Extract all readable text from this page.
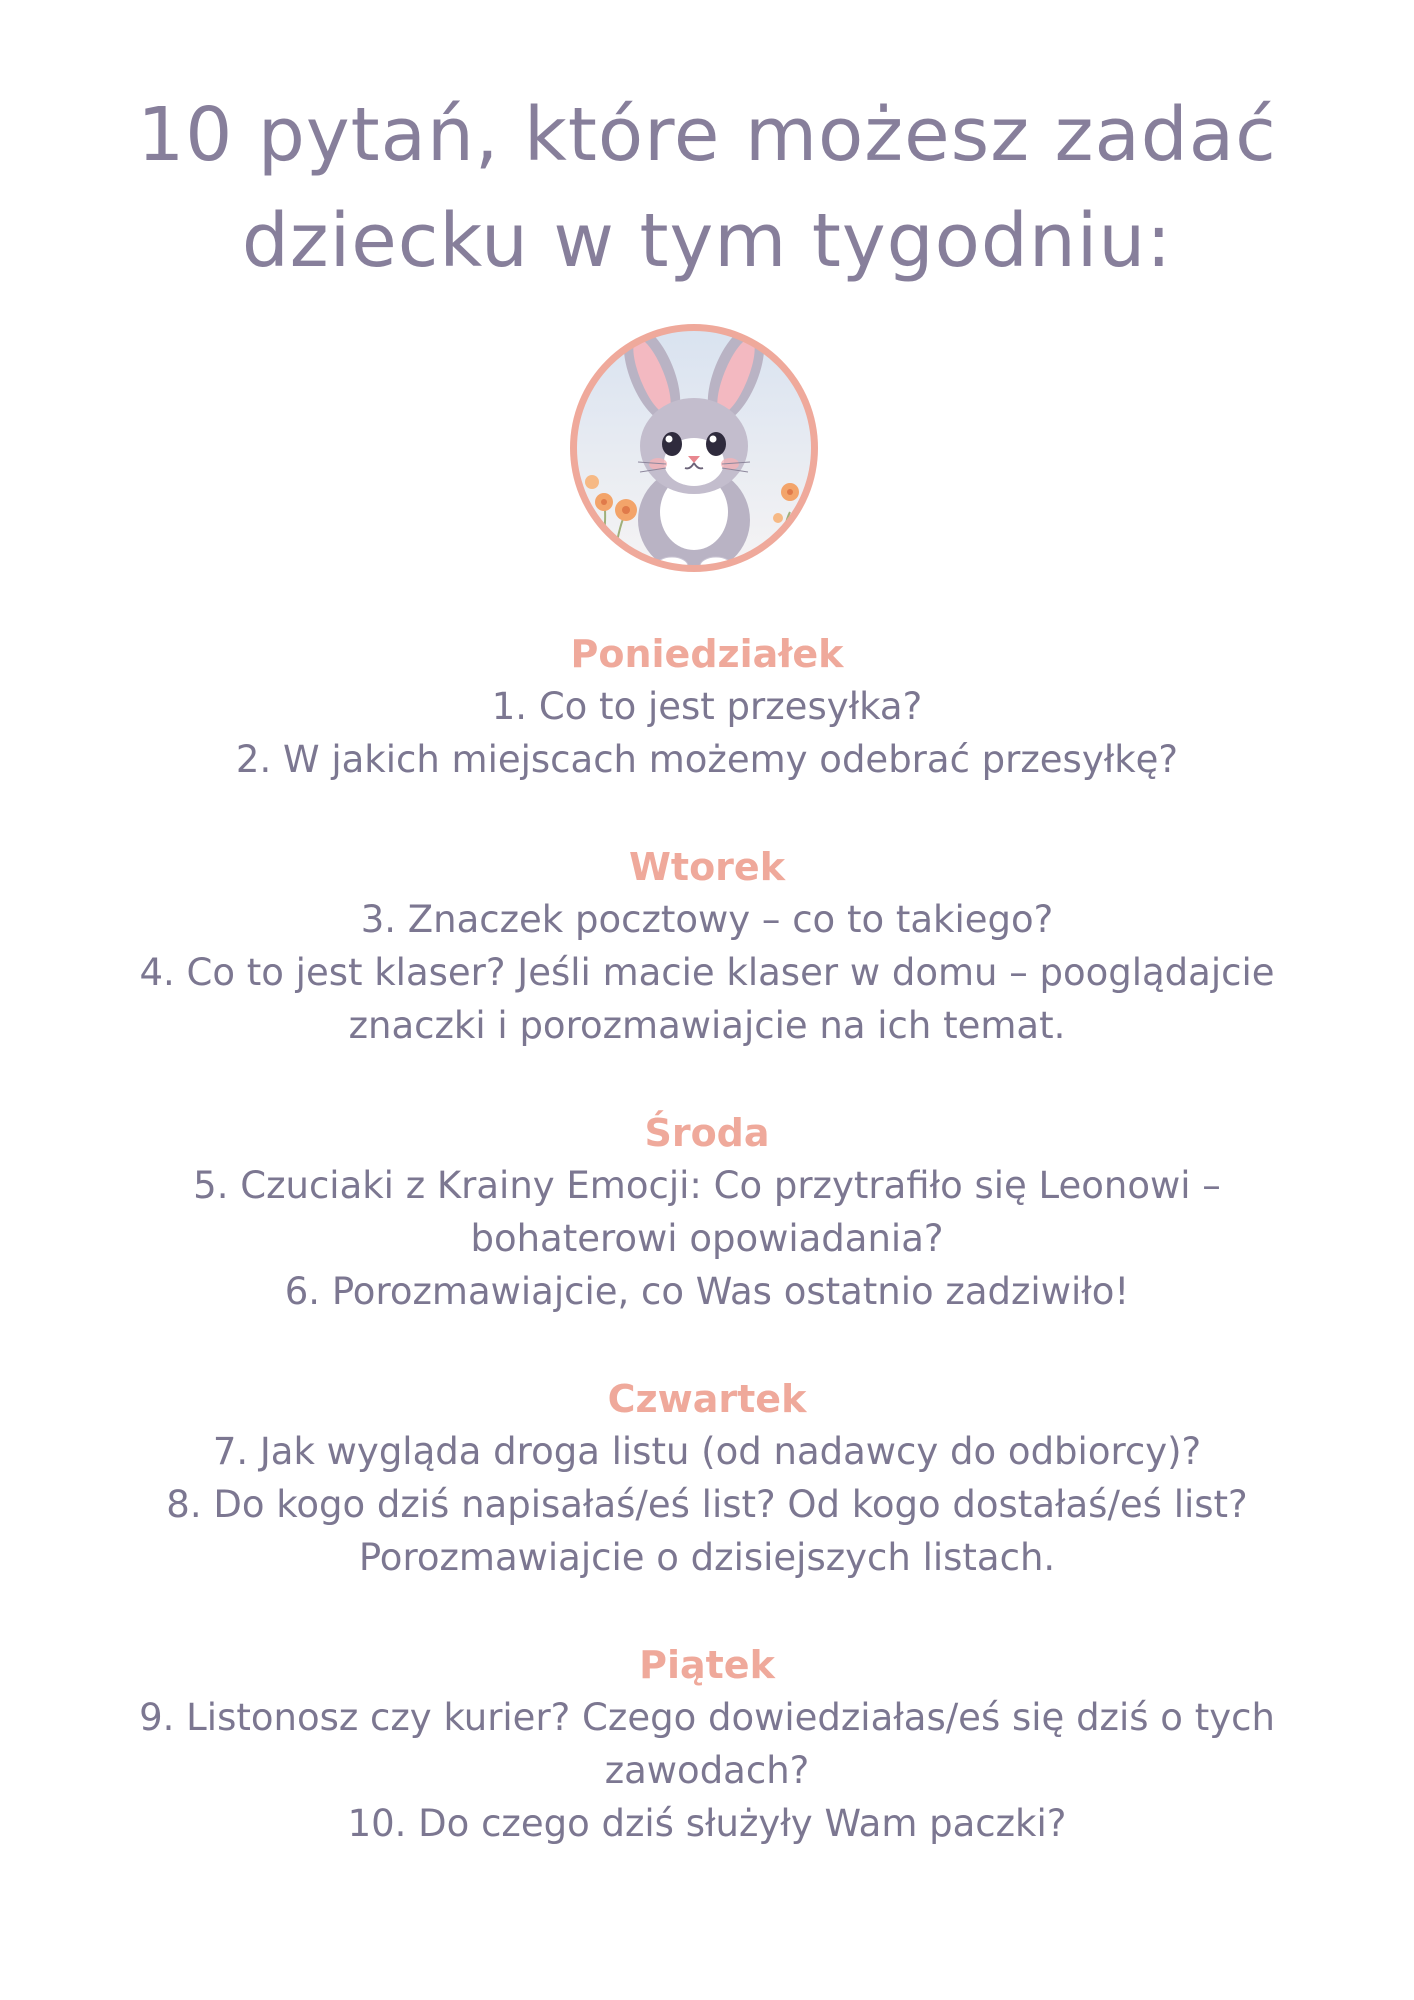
10 pytań, które możesz zadać
dziecku w tym tygodniu:
Poniedziałek
1. Co to jest przesyłka?
2. W jakich miejscach możemy odebrać przesyłkę?
Wtorek
3. Znaczek pocztowy – co to takiego?
4. Co to jest klaser? Jeśli macie klaser w domu – pooglądajcie
znaczki i porozmawiajcie na ich temat.
Środa
5. Czuciaki z Krainy Emocji: Co przytrafiło się Leonowi –
bohaterowi opowiadania?
6. Porozmawiajcie, co Was ostatnio zadziwiło!
Czwartek
7. Jak wygląda droga listu (od nadawcy do odbiorcy)?
8. Do kogo dziś napisałaś/eś list? Od kogo dostałaś/eś list?
Porozmawiajcie o dzisiejszych listach.
Piątek
9. Listonosz czy kurier? Czego dowiedziałas/eś się dziś o tych
zawodach?
10. Do czego dziś służyły Wam paczki?
